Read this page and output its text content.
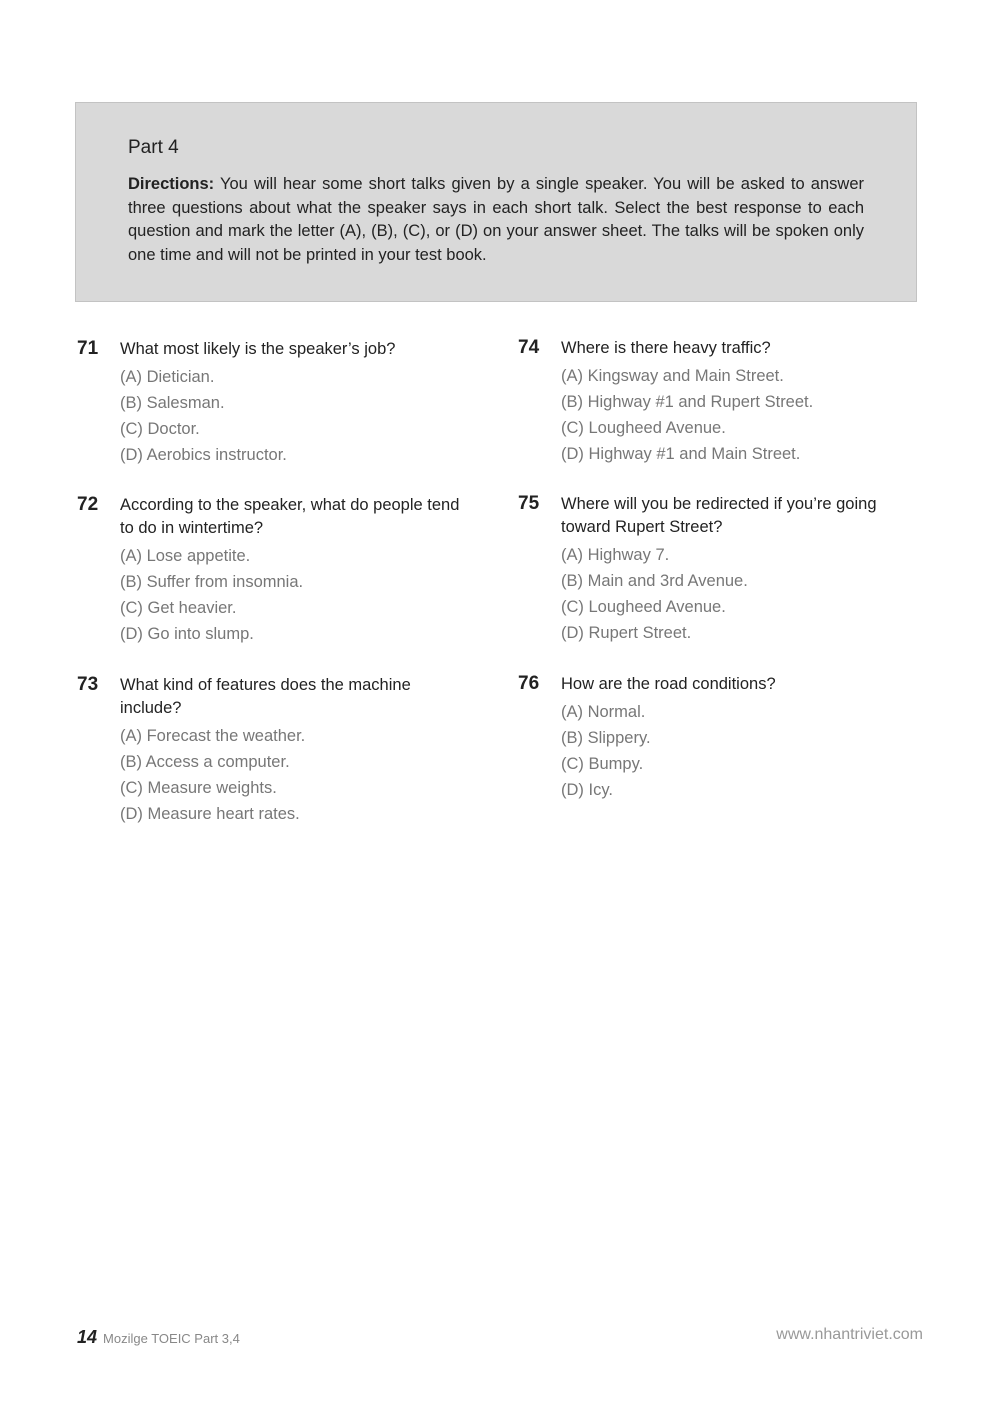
Part 4
Directions: You will hear some short talks given by a single speaker. You will be asked to answer three questions about what the speaker says in each short talk. Select the best response to each question and mark the letter (A), (B), (C), or (D) on your answer sheet. The talks will be spoken only one time and will not be printed in your test book.
71 What most likely is the speaker’s job?
(A) Dietician.
(B) Salesman.
(C) Doctor.
(D) Aerobics instructor.
72 According to the speaker, what do people tend to do in wintertime?
(A) Lose appetite.
(B) Suffer from insomnia.
(C) Get heavier.
(D) Go into slump.
73 What kind of features does the machine include?
(A) Forecast the weather.
(B) Access a computer.
(C) Measure weights.
(D) Measure heart rates.
74 Where is there heavy traffic?
(A) Kingsway and Main Street.
(B) Highway #1 and Rupert Street.
(C) Lougheed Avenue.
(D) Highway #1 and Main Street.
75 Where will you be redirected if you’re going toward Rupert Street?
(A) Highway 7.
(B) Main and 3rd Avenue.
(C) Lougheed Avenue.
(D) Rupert Street.
76 How are the road conditions?
(A) Normal.
(B) Slippery.
(C) Bumpy.
(D) Icy.
14 Mozilge TOEIC Part 3,4	www.nhantriviet.com
